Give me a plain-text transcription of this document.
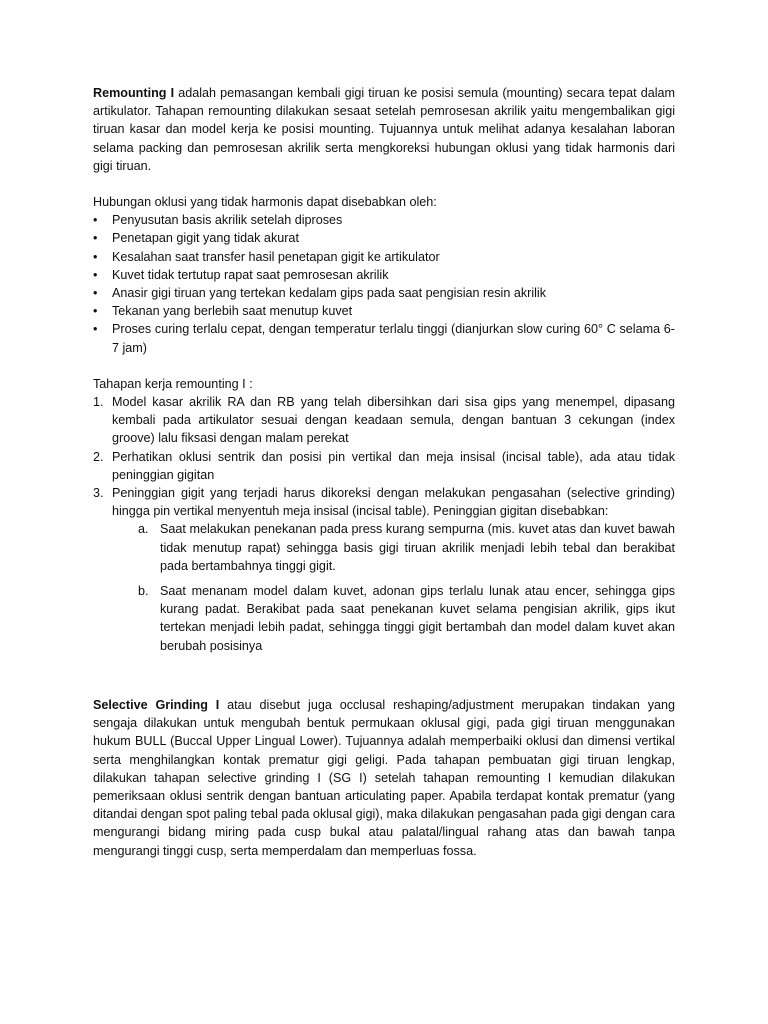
Remounting I adalah pemasangan kembali gigi tiruan ke posisi semula (mounting) secara tepat dalam artikulator. Tahapan remounting dilakukan sesaat setelah pemrosesan akrilik yaitu mengembalikan gigi tiruan kasar dan model kerja ke posisi mounting. Tujuannya untuk melihat adanya kesalahan laboran selama packing dan pemrosesan akrilik serta mengkoreksi hubungan oklusi yang tidak harmonis dari gigi tiruan.

Hubungan oklusi yang tidak harmonis dapat disebabkan oleh:

• Penyusutan basis akrilik setelah diproses
• Penetapan gigit yang tidak akurat
• Kesalahan saat transfer hasil penetapan gigit ke artikulator
• Kuvet tidak tertutup rapat saat pemrosesan akrilik
• Anasir gigi tiruan yang tertekan kedalam gips pada saat pengisian resin akrilik
• Tekanan yang berlebih saat menutup kuvet
• Proses curing terlalu cepat, dengan temperatur terlalu tinggi (dianjurkan slow curing 60° C selama 6-7 jam)

Tahapan kerja remounting I :

1. Model kasar akrilik RA dan RB yang telah dibersihkan dari sisa gips yang menempel, dipasang kembali pada artikulator sesuai dengan keadaan semula, dengan bantuan 3 cekungan (index groove) lalu fiksasi dengan malam perekat
2. Perhatikan oklusi sentrik dan posisi pin vertikal dan meja insisal (incisal table), ada atau tidak peninggian gigitan
3. Peninggian gigit yang terjadi harus dikoreksi dengan melakukan pengasahan (selective grinding) hingga pin vertikal menyentuh meja insisal (incisal table). Peninggian gigitan disebabkan:
a. Saat melakukan penekanan pada press kurang sempurna (mis. kuvet atas dan kuvet bawah tidak menutup rapat) sehingga basis gigi tiruan akrilik menjadi lebih tebal dan berakibat pada bertambahnya tinggi gigit.
b. Saat menanam model dalam kuvet, adonan gips terlalu lunak atau encer, sehingga gips kurang padat. Berakibat pada saat penekanan kuvet selama pengisian akrilik, gips ikut tertekan menjadi lebih padat, sehingga tinggi gigit bertambah dan model dalam kuvet akan berubah posisinya

Selective Grinding I atau disebut juga occlusal reshaping/adjustment merupakan tindakan yang sengaja dilakukan untuk mengubah bentuk permukaan oklusal gigi, pada gigi tiruan menggunakan hukum BULL (Buccal Upper Lingual Lower). Tujuannya adalah memperbaiki oklusi dan dimensi vertikal serta menghilangkan kontak prematur gigi geligi. Pada tahapan pembuatan gigi tiruan lengkap, dilakukan tahapan selective grinding I (SG I) setelah tahapan remounting I kemudian dilakukan pemeriksaan oklusi sentrik dengan bantuan articulating paper. Apabila terdapat kontak prematur (yang ditandai dengan spot paling tebal pada oklusal gigi), maka dilakukan pengasahan pada gigi dengan cara mengurangi bidang miring pada cusp bukal atau palatal/lingual rahang atas dan bawah tanpa mengurangi tinggi cusp, serta memperdalam dan memperluas fossa.
